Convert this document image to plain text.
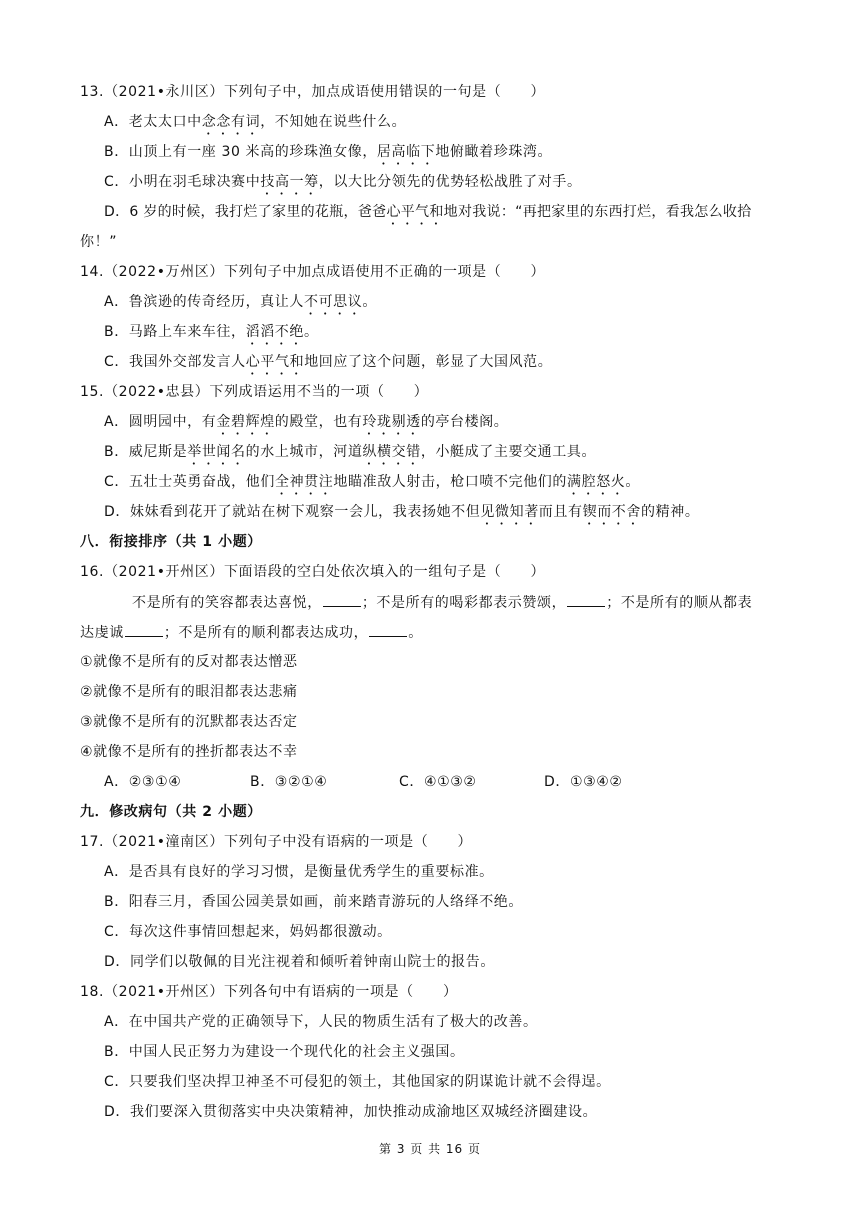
13.（2021•永川区）下列句子中，加点成语使用错误的一句是（　　）
A．老太太口中念念有词，不知她在说些什么。
B．山顶上有一座 30 米高的珍珠渔女像，居高临下地俯瞰着珍珠湾。
C．小明在羽毛球决赛中技高一筹，以大比分领先的优势轻松战胜了对手。
D．6 岁的时候，我打烂了家里的花瓶，爸爸心平气和地对我说：“再把家里的东西打烂，看我怎么收拾
你！”
14.（2022•万州区）下列句子中加点成语使用不正确的一项是（　　）
A．鲁滨逊的传奇经历，真让人不可思议。
B．马路上车来车往，滔滔不绝。
C．我国外交部发言人心平气和地回应了这个问题，彰显了大国风范。
15.（2022•忠县）下列成语运用不当的一项（　　）
A．圆明园中，有金碧辉煌的殿堂，也有玲珑剔透的亭台楼阁。
B．威尼斯是举世闻名的水上城市，河道纵横交错，小艇成了主要交通工具。
C．五壮士英勇奋战，他们全神贯注地瞄准敌人射击，枪口喷不完他们的满腔怒火。
D．妹妹看到花开了就站在树下观察一会儿，我表扬她不但见微知著而且有锲而不舍的精神。
八．衔接排序（共 1 小题）
16.（2021•开州区）下面语段的空白处依次填入的一组句子是（　　）
不是所有的笑容都表达喜悦，	；不是所有的喝彩都表示赞颂，	；不是所有的顺从都表
达虔诚	；不是所有的顺利都表达成功，	。
①就像不是所有的反对都表达憎恶
②就像不是所有的眼泪都表达悲痛
③就像不是所有的沉默都表达否定
④就像不是所有的挫折都表达不幸
A．②③①④	B．③②①④	C．④①③②	D．①③④②
九．修改病句（共 2 小题）
17.（2021•潼南区）下列句子中没有语病的一项是（　　）
A．是否具有良好的学习习惯，是衡量优秀学生的重要标准。
B．阳春三月，香国公园美景如画，前来踏青游玩的人络绎不绝。
C．每次这件事情回想起来，妈妈都很激动。
D．同学们以敬佩的目光注视着和倾听着钟南山院士的报告。
18.（2021•开州区）下列各句中有语病的一项是（　　）
A．在中国共产党的正确领导下，人民的物质生活有了极大的改善。
B．中国人民正努力为建设一个现代化的社会主义强国。
C．只要我们坚决捍卫神圣不可侵犯的领土，其他国家的阴谋诡计就不会得逞。
D．我们要深入贯彻落实中央决策精神，加快推动成渝地区双城经济圈建设。
第 3 页 共 16 页
